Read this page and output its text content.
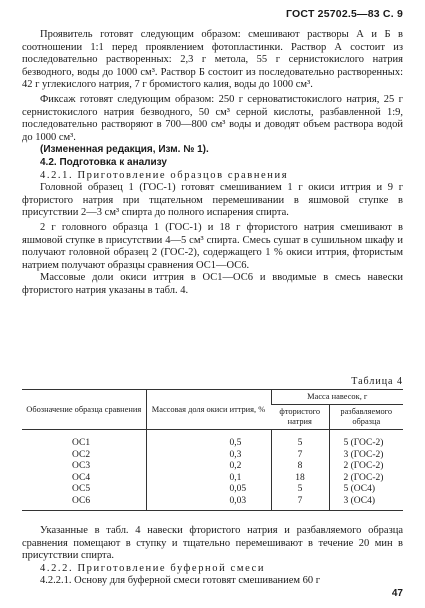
ГОСТ 25702.5—83 С. 9

Проявитель готовят следующим образом: смешивают растворы А и Б в соотношении 1:1 перед проявлением фотопластинки. Раствор А состоит из последовательно растворенных: 2,3 г метола, 55 г сернистокислого натрия безводного, воды до 1000 см³. Раствор Б состоит из последовательно растворенных: 42 г углекислого натрия, 7 г бромистого калия, воды до 1000 см³.

Фиксаж готовят следующим образом: 250 г серноватистокислого натрия, 25 г сернистокислого натрия безводного, 50 см³ серной кислоты, разбавленной 1:9, последовательно растворяют в 700—800 см³ воды и доводят объем раствора водой до 1000 см³.

(Измененная редакция, Изм. № 1).

4.2. Подготовка к анализу

4.2.1. Приготовление образцов сравнения

Головной образец 1 (ГОС-1) готовят смешиванием 1 г окиси иттрия и 9 г фтористого натрия при тщательном перемешивании в яшмовой ступке в присутствии 2—3 см³ спирта до полного испарения спирта.

2 г головного образца 1 (ГОС-1) и 18 г фтористого натрия смешивают в яшмовой ступке в присутствии 4—5 см³ спирта. Смесь сушат в сушильном шкафу и получают головной образец 2 (ГОС-2), содержащего 1 % окиси иттрия, фтористым натрием получают образцы сравнения ОС1—ОС6.

Массовые доли окиси иттрия в ОС1—ОС6 и вводимые в смесь навески фтористого натрия указаны в табл. 4.

Таблица 4
Обозначение образца сравнения	Массовая доля окиси иттрия, %	Масса навесок, г	
		фтористого натрия	разбавляемого образца
ОС1	0,5	5	5 (ГОС-2)
ОС2	0,3	7	3 (ГОС-2)
ОС3	0,2	8	2 (ГОС-2)
ОС4	0,1	18	2 (ГОС-2)
ОС5	0,05	5	5 (ОС4)
ОС6	0,03	7	3 (ОС4)

Указанные в табл. 4 навески фтористого натрия и разбавляемого образца сравнения помещают в ступку и тщательно перемешивают в течение 20 мин в присутствии спирта.

4.2.2. Приготовление буферной смеси

4.2.2.1. Основу для буферной смеси готовят смешиванием 60 г

47
